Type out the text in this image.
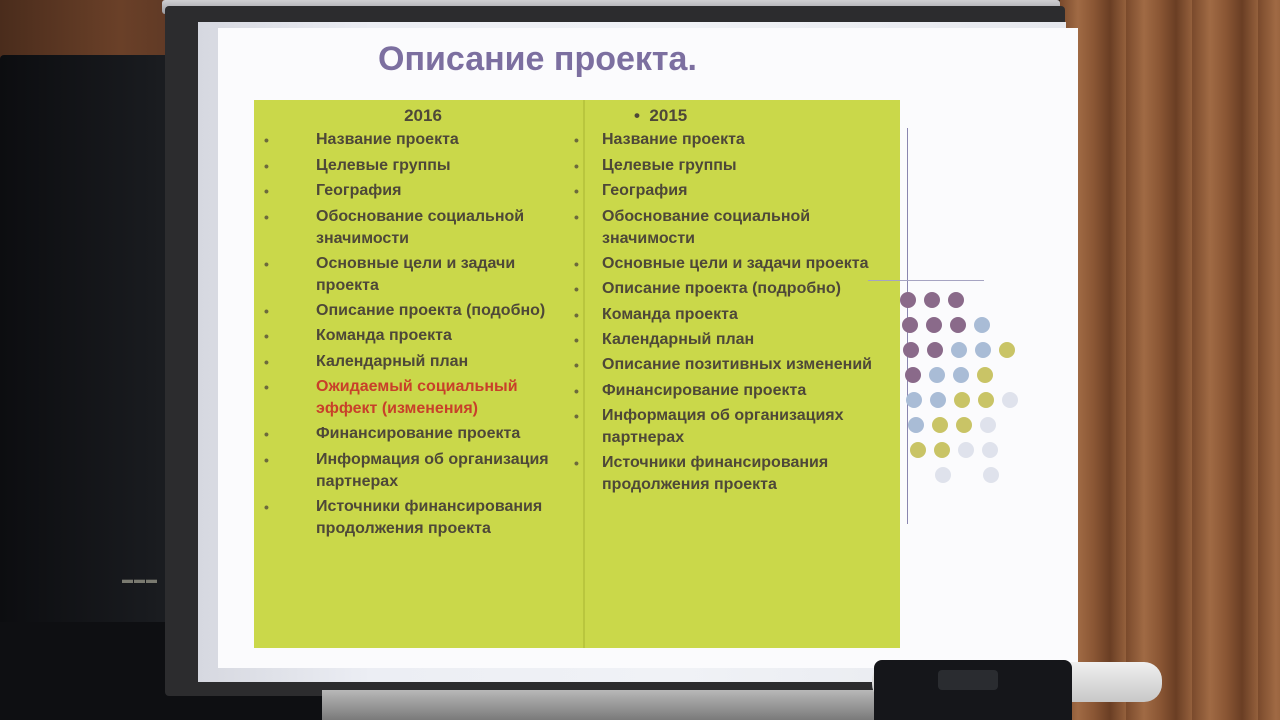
▬▬▬
Описание проекта.
2016
•	Название проекта
•	Целевые группы
•	География
•	Обоснование социальной значимости
•	Основные цели и задачи проекта
•	Описание проекта (подобно)
•	Команда проекта
•	Календарный план
•	Ожидаемый социальный эффект (изменения)
•	Финансирование проекта
•	Информация об организация партнерах
•	Источники финансирования продолжения проекта
•  2015
•	Название проекта
•	Целевые группы
•	География
•	Обоснование социальной значимости
•	Основные цели и задачи проекта
•	Описание проекта (подробно)
•	Команда проекта
•	Календарный план
•	Описание позитивных изменений
•	Финансирование проекта
•	Информация об организациях партнерах
•	Источники финансирования продолжения проекта
